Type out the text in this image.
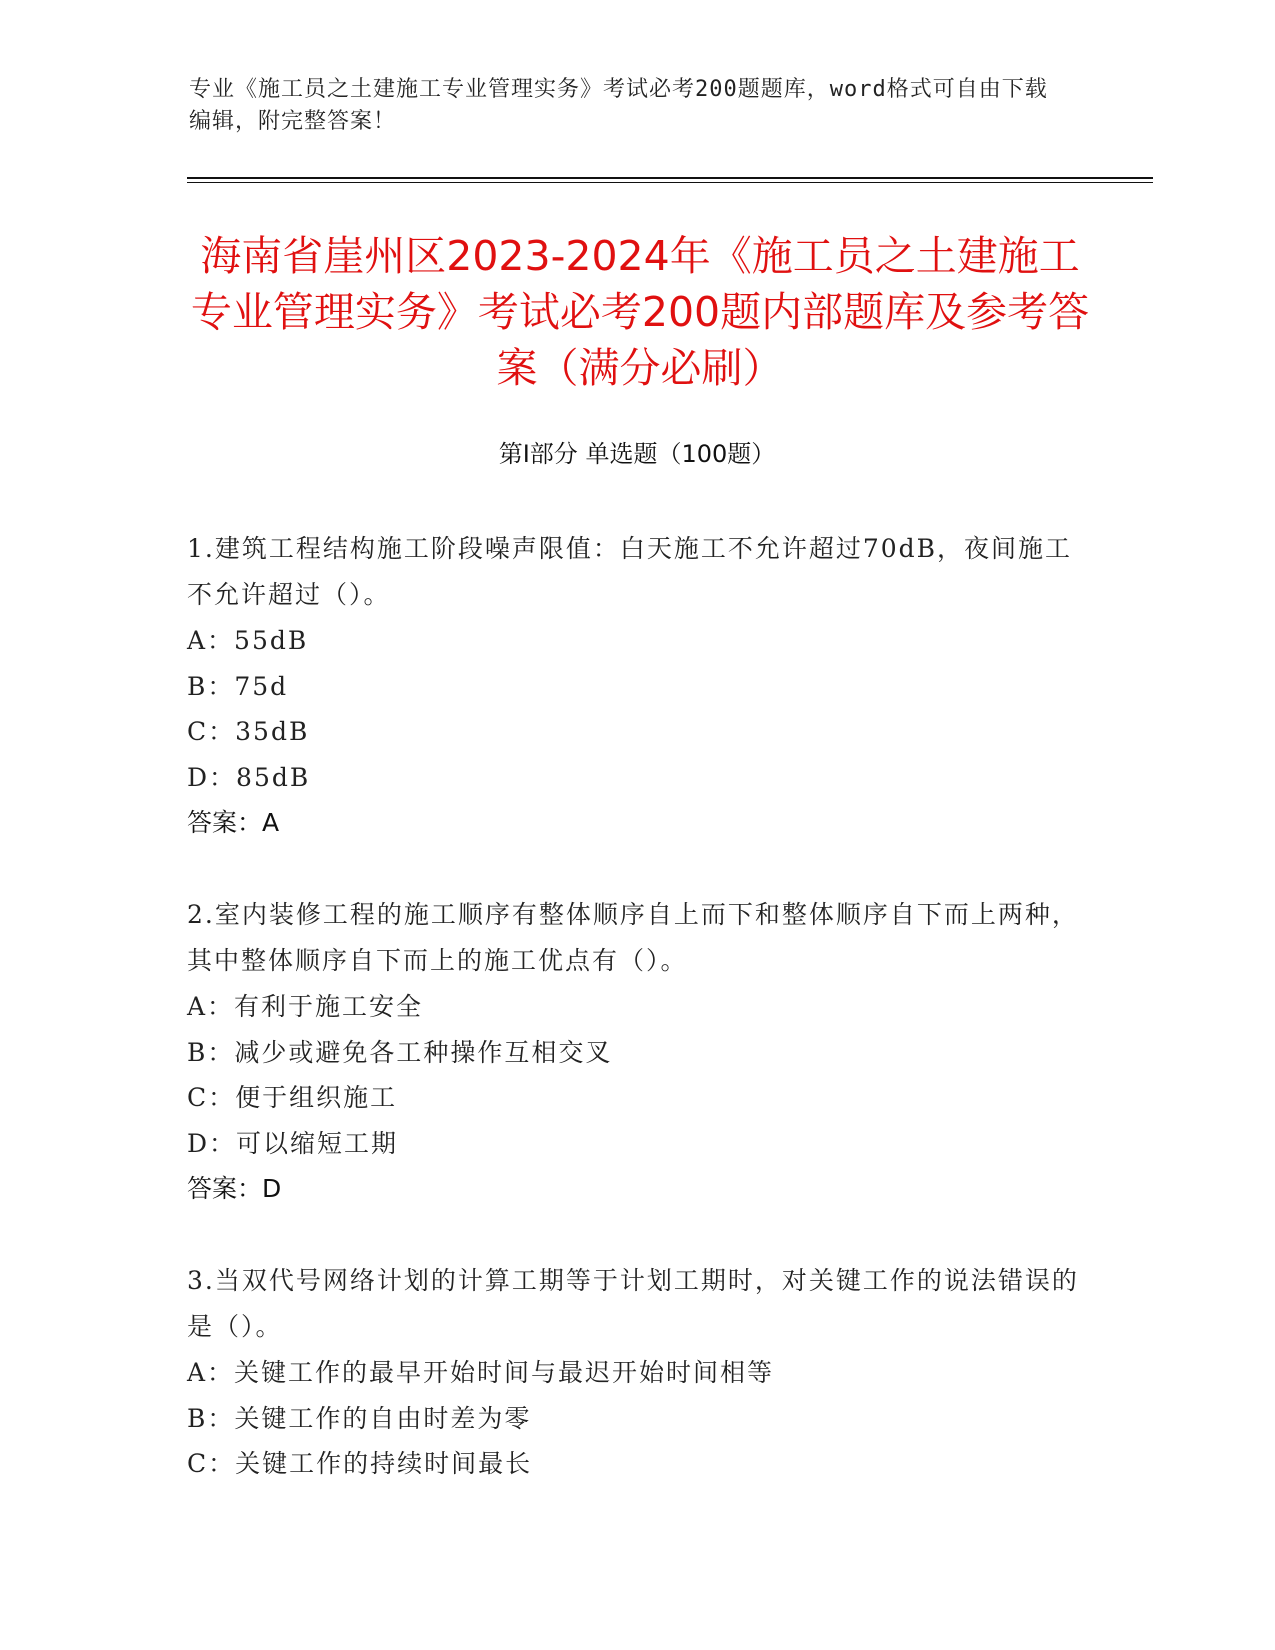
专业《施工员之土建施工专业管理实务》考试必考200题题库，word格式可自由下载编辑，附完整答案！
海南省崖州区2023-2024年《施工员之土建施工专业管理实务》考试必考200题内部题库及参考答案（满分必刷）
第Ⅰ部分 单选题（100题）
1.建筑工程结构施工阶段噪声限值：白天施工不允许超过70dB，夜间施工不允许超过（）。
A：55dB
B：75d
C：35dB
D：85dB
答案：A
2.室内装修工程的施工顺序有整体顺序自上而下和整体顺序自下而上两种，其中整体顺序自下而上的施工优点有（）。
A：有利于施工安全
B：减少或避免各工种操作互相交叉
C：便于组织施工
D：可以缩短工期
答案：D
3.当双代号网络计划的计算工期等于计划工期时，对关键工作的说法错误的是（）。
A：关键工作的最早开始时间与最迟开始时间相等
B：关键工作的自由时差为零
C：关键工作的持续时间最长
